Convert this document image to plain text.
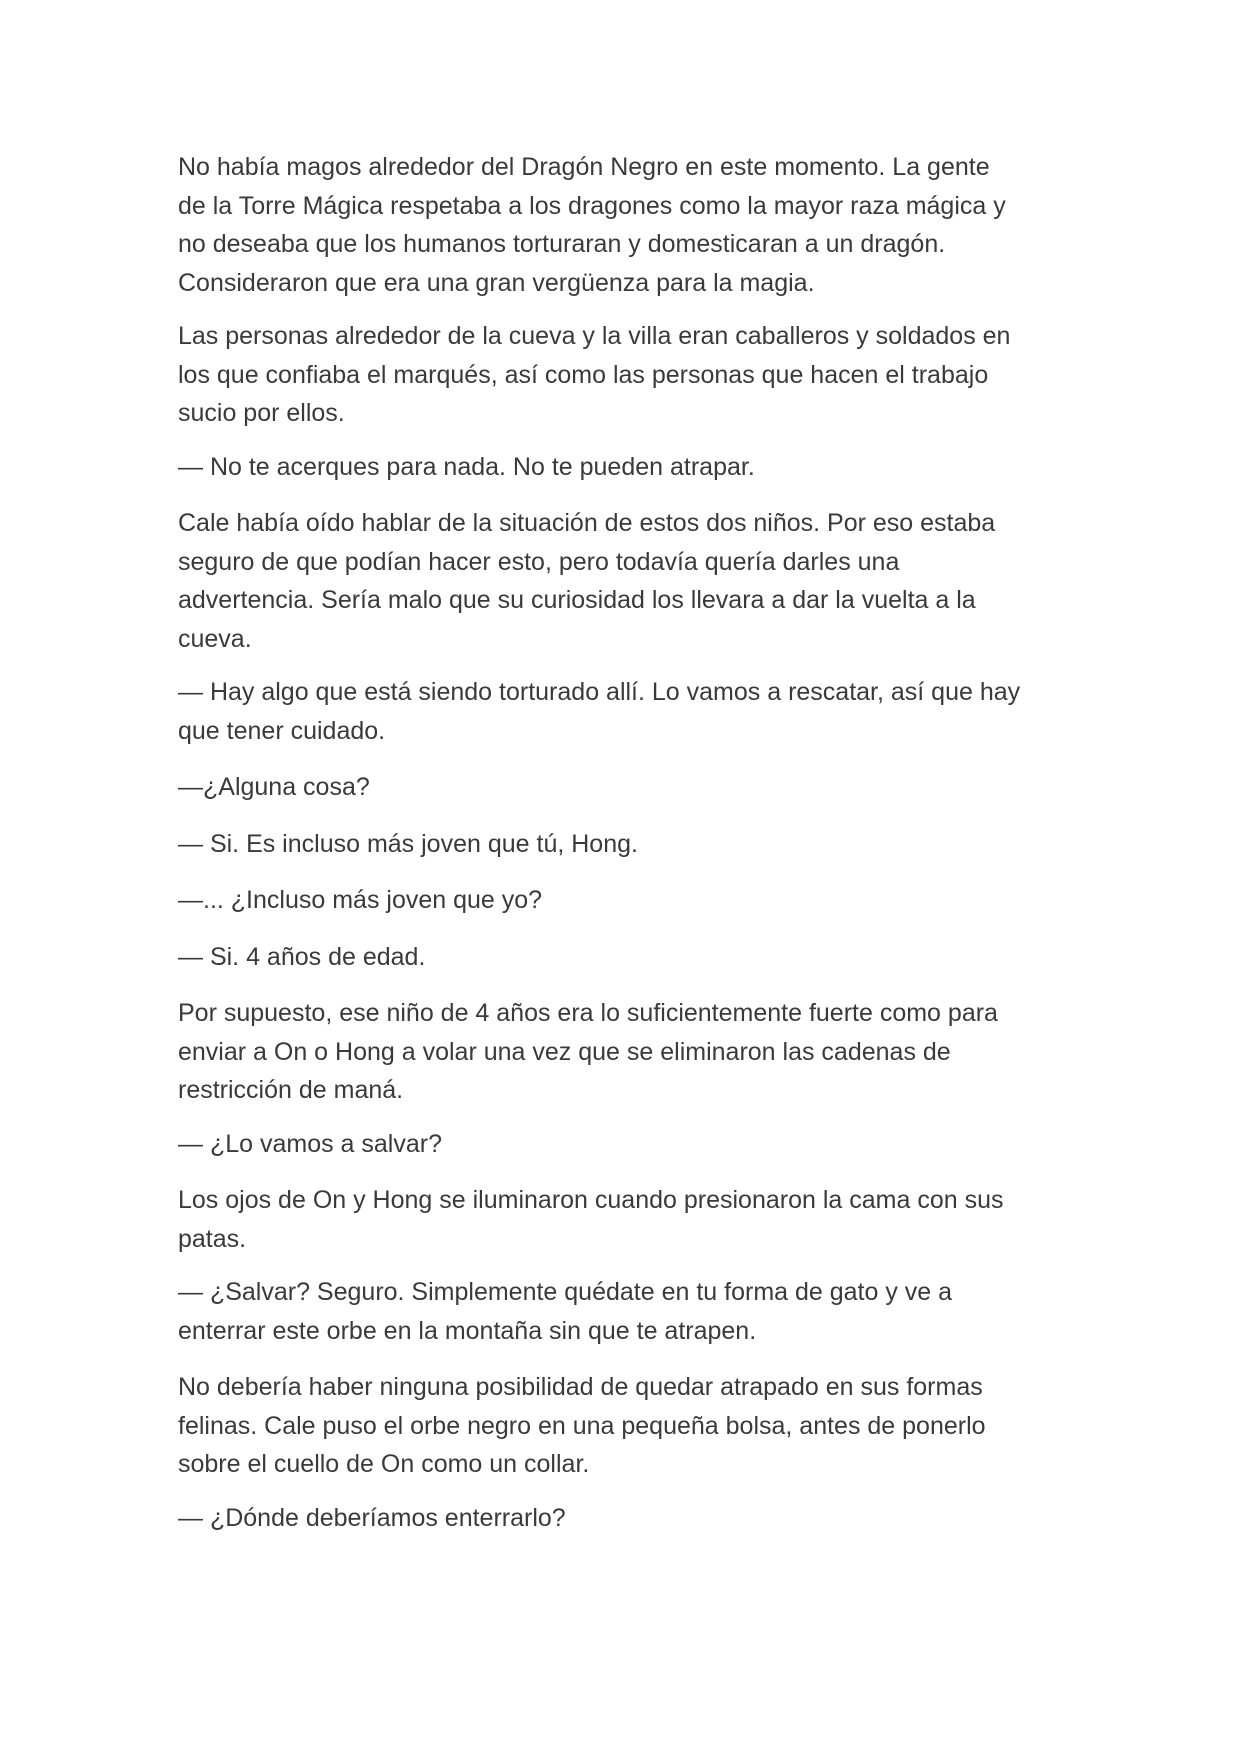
No había magos alrededor del Dragón Negro en este momento. La gente
de la Torre Mágica respetaba a los dragones como la mayor raza mágica y
no deseaba que los humanos torturaran y domesticaran a un dragón.
Consideraron que era una gran vergüenza para la magia.

Las personas alrededor de la cueva y la villa eran caballeros y soldados en
los que confiaba el marqués, así como las personas que hacen el trabajo
sucio por ellos.

— No te acerques para nada. No te pueden atrapar.

Cale había oído hablar de la situación de estos dos niños. Por eso estaba
seguro de que podían hacer esto, pero todavía quería darles una
advertencia. Sería malo que su curiosidad los llevara a dar la vuelta a la
cueva.

— Hay algo que está siendo torturado allí. Lo vamos a rescatar, así que hay
que tener cuidado.

—¿Alguna cosa?

— Si. Es incluso más joven que tú, Hong.

—... ¿Incluso más joven que yo?

— Si. 4 años de edad.

Por supuesto, ese niño de 4 años era lo suficientemente fuerte como para
enviar a On o Hong a volar una vez que se eliminaron las cadenas de
restricción de maná.

— ¿Lo vamos a salvar?

Los ojos de On y Hong se iluminaron cuando presionaron la cama con sus
patas.

— ¿Salvar? Seguro. Simplemente quédate en tu forma de gato y ve a
enterrar este orbe en la montaña sin que te atrapen.

No debería haber ninguna posibilidad de quedar atrapado en sus formas
felinas. Cale puso el orbe negro en una pequeña bolsa, antes de ponerlo
sobre el cuello de On como un collar.

— ¿Dónde deberíamos enterrarlo?
